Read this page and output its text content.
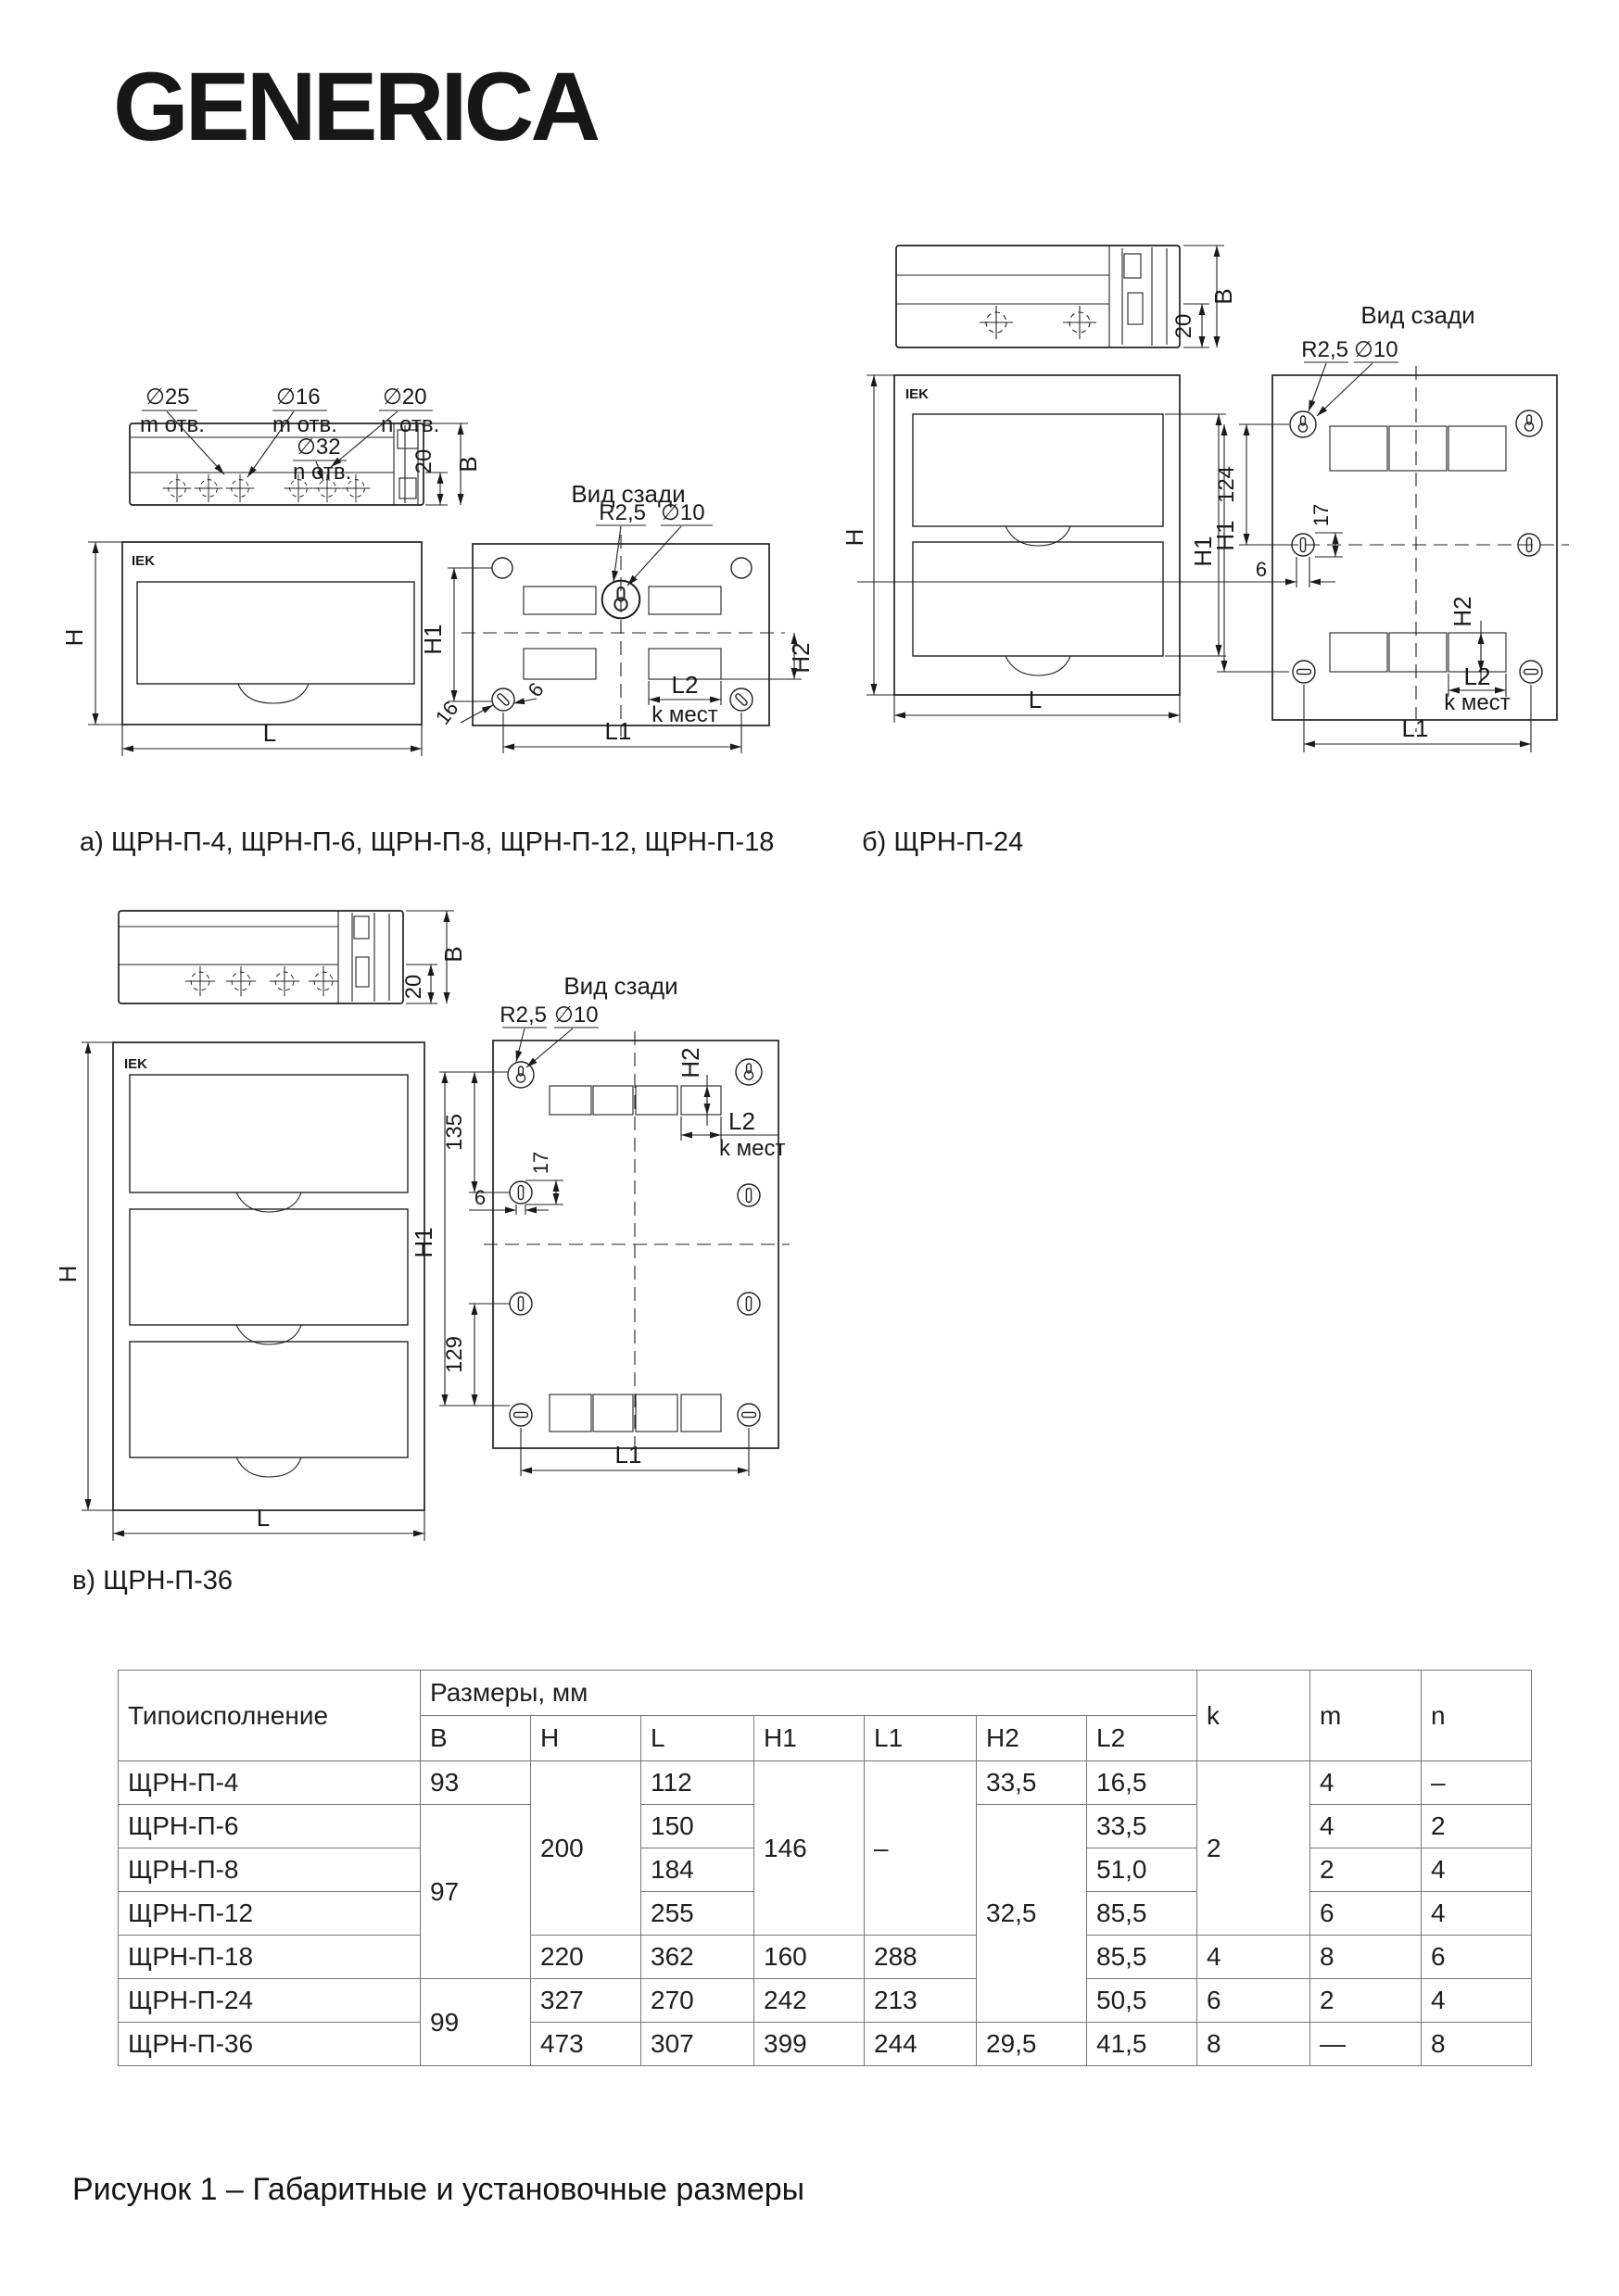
GENERICA
∅25
m отв.
∅16
m отв.
∅20
n отв.
∅32
n отв.	20 B
IEK
H
L
Вид сзади
R2,5 ∅10
H1
16
6
H2
L2
k мест
L1
а) ЩРН-П-4, ЩРН-П-6, ЩРН-П-8, ЩРН-П-12, ЩРН-П-18
B
20
IEK
H	H1
L
Вид сзади
R2,5 ∅10
124
H1
17
6
H2
L2
k мест
L1
б) ЩРН-П-24
B
20
IEK
H
L
Вид сзади
R2,5 ∅10
H2
L2
k мест
135
H1
129
17
6
L1
в) ЩРН-П-36
Типоисполнение	Размеры, мм							k	m	n
	B	H	L	H1	L1	H2	L2			
ЩРН-П-4	93	200	112	146	–	33,5	16,5	2	4	–
ЩРН-П-6	97		150			32,5	33,5		4	2
ЩРН-П-8			184				51,0		2	4
ЩРН-П-12			255				85,5		6	4
ЩРН-П-18		220	362	160	288		85,5	4	8	6
ЩРН-П-24	99	327	270	242	213		50,5	6	2	4
ЩРН-П-36		473	307	399	244	29,5	41,5	8	—	8
Рисунок 1 – Габаритные и установочные размеры
